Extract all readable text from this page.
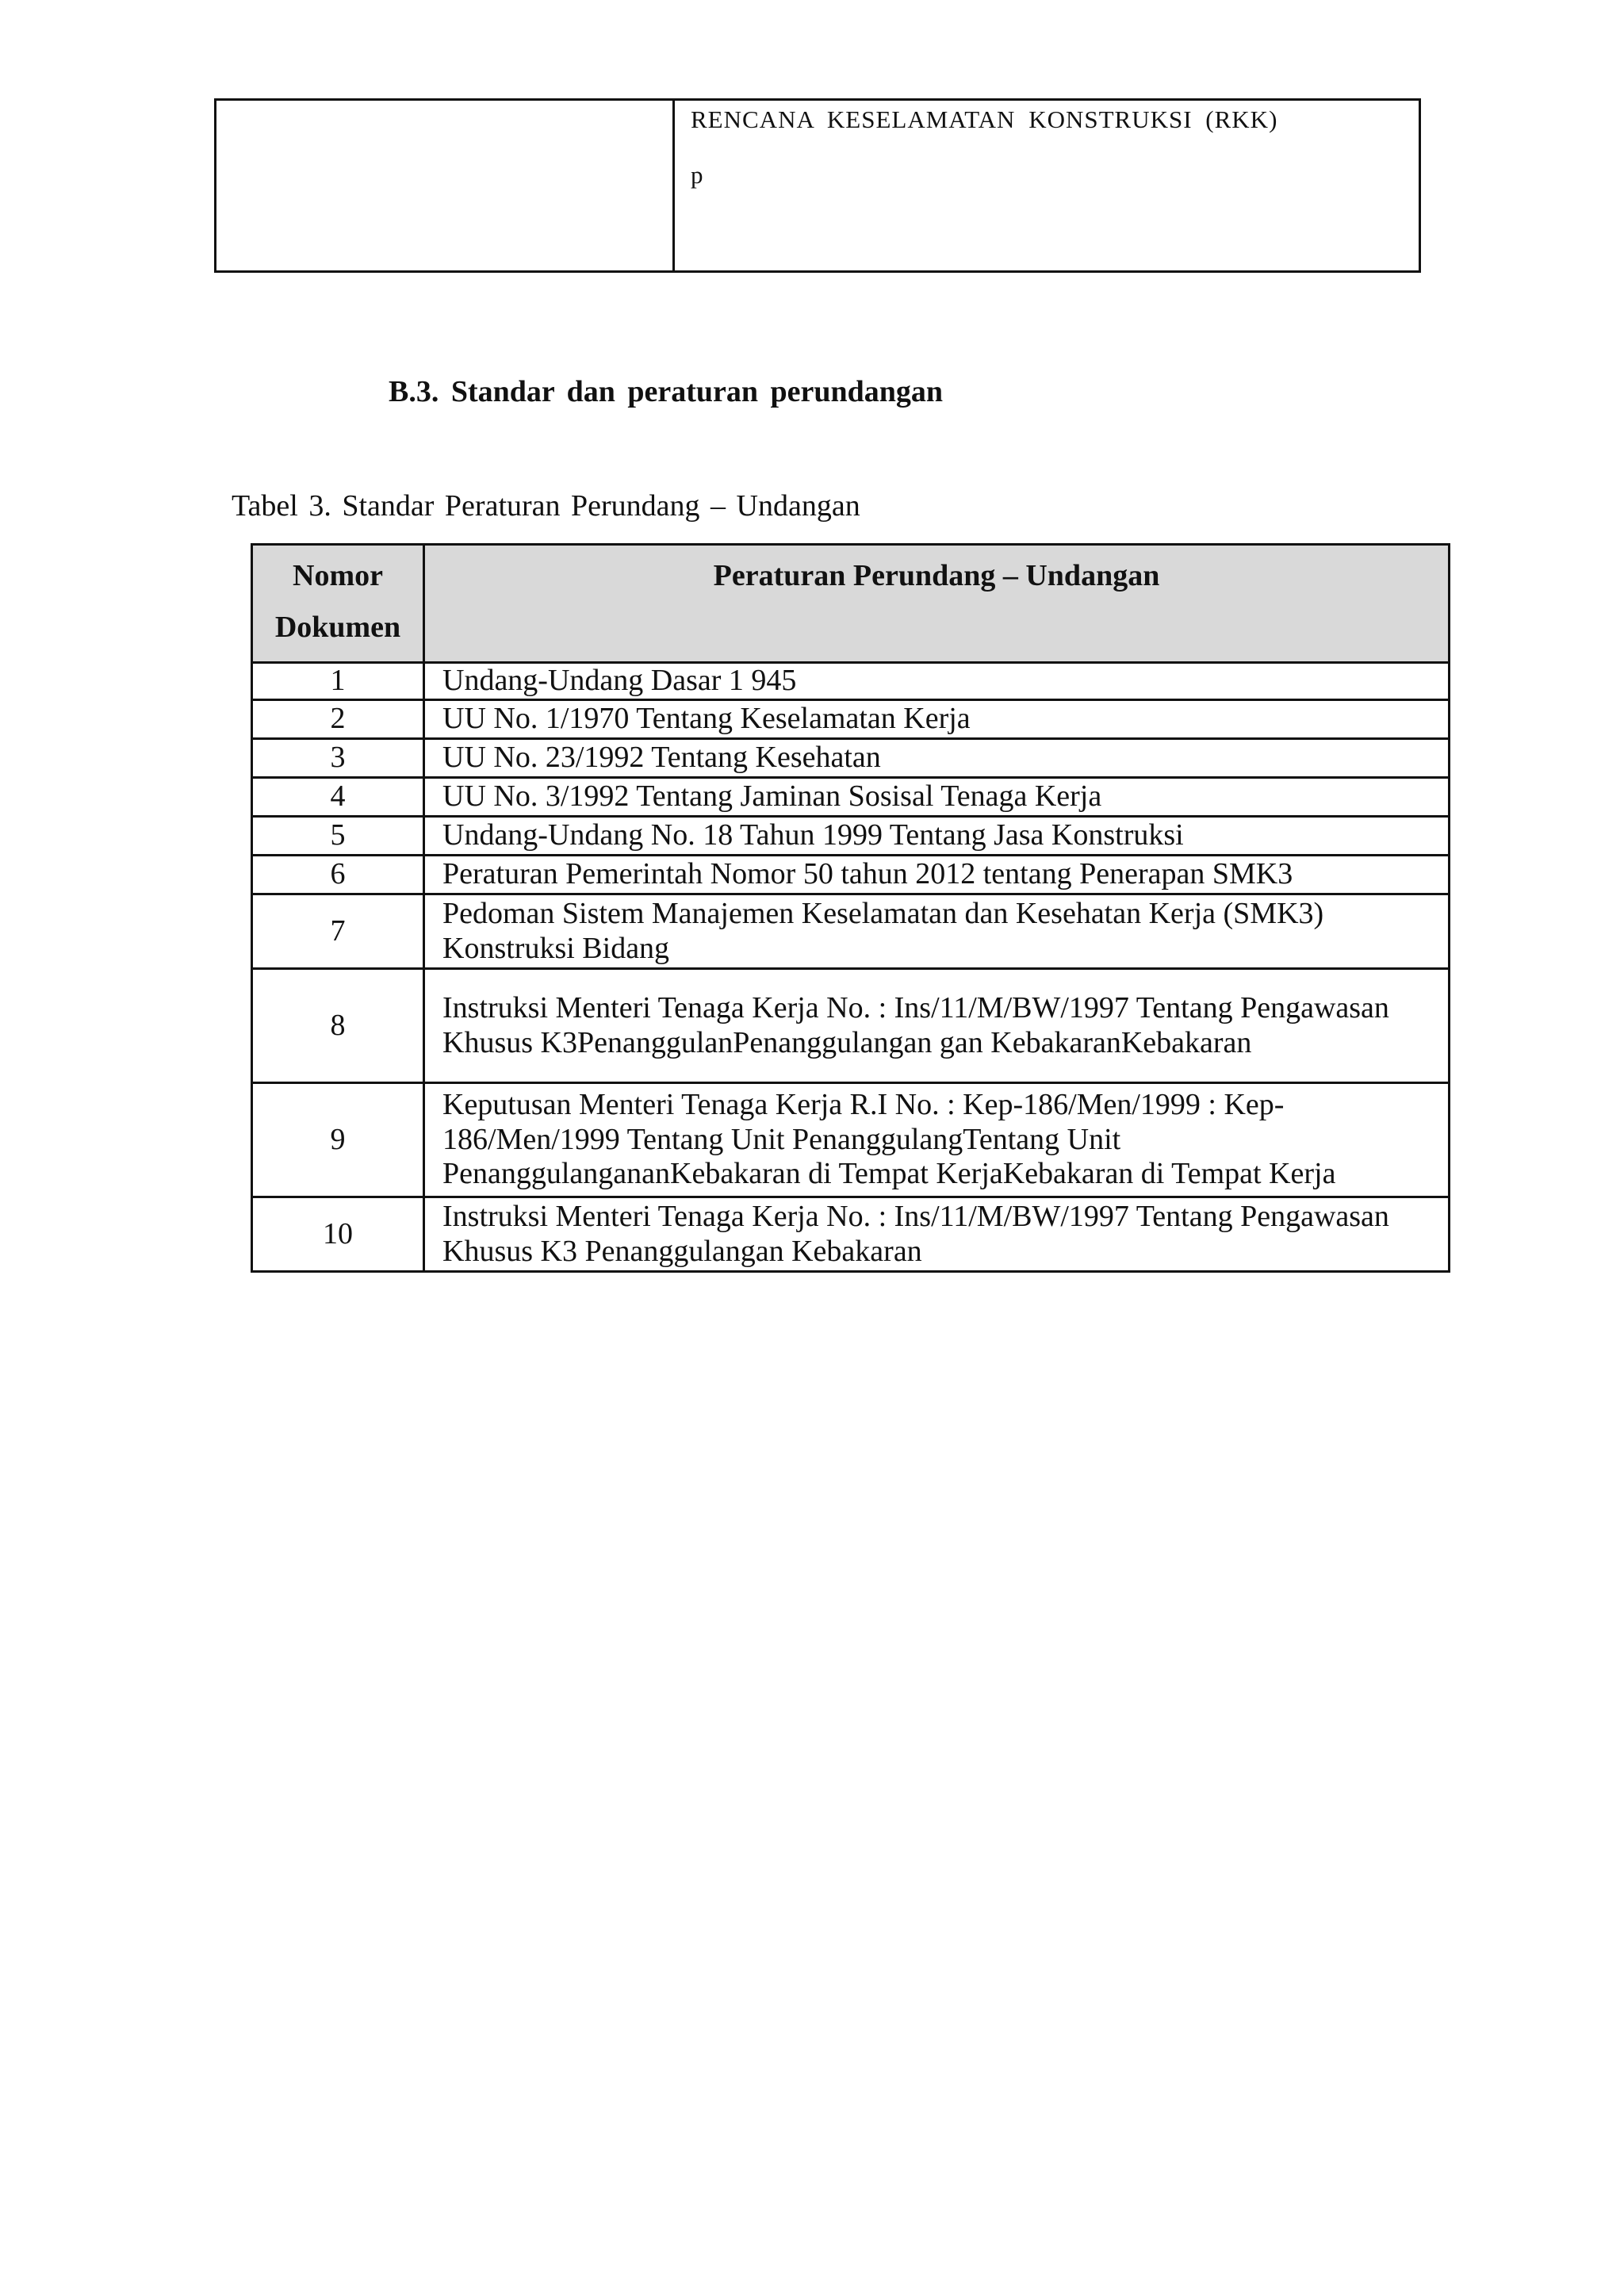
RENCANA KESELAMATAN KONSTRUKSI (RKK)
p
B.3. Standar dan peraturan perundangan
Tabel 3. Standar Peraturan Perundang – Undangan
Nomor
Dokumen	Peraturan Perundang – Undangan
1	Undang-Undang Dasar 1 945
2	UU No. 1/1970 Tentang Keselamatan Kerja
3	UU No. 23/1992 Tentang Kesehatan
4	UU No. 3/1992 Tentang Jaminan Sosisal Tenaga Kerja
5	Undang-Undang No. 18 Tahun 1999 Tentang Jasa Konstruksi
6	Peraturan Pemerintah Nomor 50 tahun 2012 tentang Penerapan SMK3
7	Pedoman Sistem Manajemen Keselamatan dan Kesehatan Kerja (SMK3) Konstruksi Bidang
8	Instruksi Menteri Tenaga Kerja No. : Ins/11/M/BW/1997 Tentang Pengawasan Khusus K3PenanggulanPenanggulangan gan KebakaranKebakaran
9	Keputusan Menteri Tenaga Kerja R.I No. : Kep-186/Men/1999 : Kep-186/Men/1999 Tentang Unit PenanggulangTentang Unit PenanggulangananKebakaran di Tempat KerjaKebakaran di Tempat Kerja
10	Instruksi Menteri Tenaga Kerja No. : Ins/11/M/BW/1997 Tentang Pengawasan Khusus K3 Penanggulangan Kebakaran
